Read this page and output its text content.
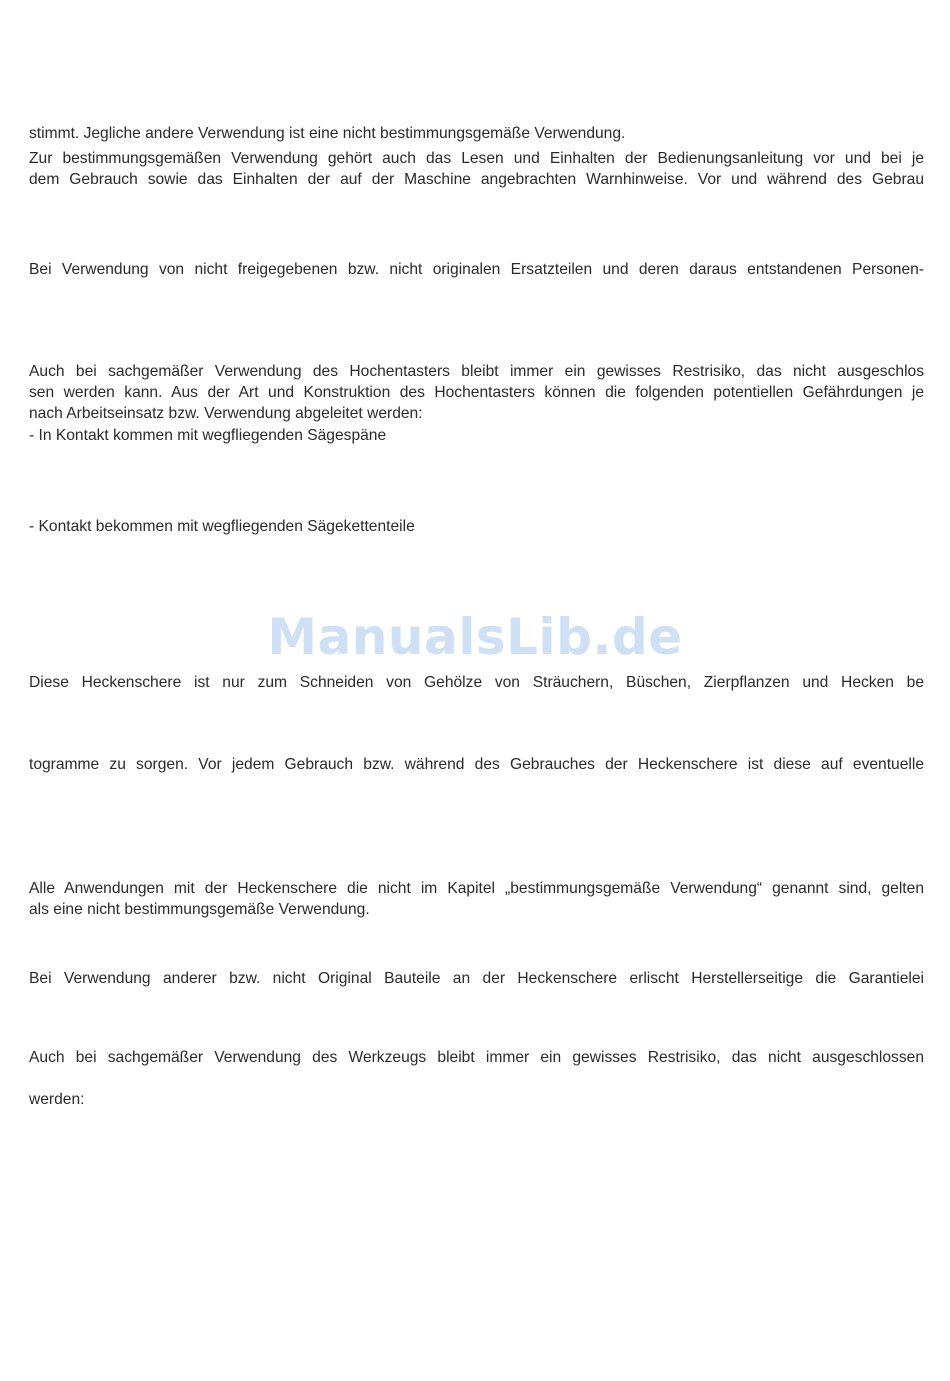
stimmt. Jegliche andere Verwendung ist eine nicht bestimmungsgemäße Verwendung.
Zur bestimmungsgemäßen Verwendung gehört auch das Lesen und Einhalten der Bedienungsanleitung vor und bei je
dem Gebrauch sowie das Einhalten der auf der Maschine angebrachten Warnhinweise. Vor und während des Gebrau
Bei Verwendung von nicht freigegebenen bzw. nicht originalen Ersatzteilen und deren daraus entstandenen Personen-
Auch bei sachgemäßer Verwendung des Hochentasters bleibt immer ein gewisses Restrisiko, das nicht ausgeschlos
sen werden kann. Aus der Art und Konstruktion des Hochentasters können die folgenden potentiellen Gefährdungen je
nach Arbeitseinsatz bzw. Verwendung abgeleitet werden:
- In Kontakt kommen mit wegfliegenden Sägespäne
- Kontakt bekommen mit wegfliegenden Sägekettenteile
ManualsLib.de
Diese Heckenschere ist nur zum Schneiden von Gehölze von Sträuchern, Büschen, Zierpflanzen und Hecken be
togramme zu sorgen. Vor jedem Gebrauch bzw. während des Gebrauches der Heckenschere ist diese auf eventuelle
Alle Anwendungen mit der Heckenschere die nicht im Kapitel „bestimmungsgemäße Verwendung“ genannt sind, gelten
als eine nicht bestimmungsgemäße Verwendung.
Bei Verwendung anderer bzw. nicht Original Bauteile an der Heckenschere erlischt Herstellerseitige die Garantielei
Auch bei sachgemäßer Verwendung des Werkzeugs bleibt immer ein gewisses Restrisiko, das nicht ausgeschlossen
werden:
